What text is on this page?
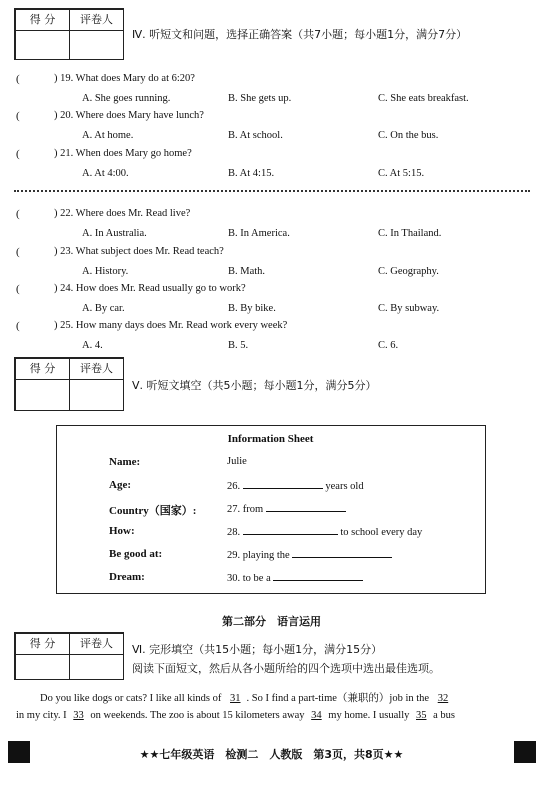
得 分	评卷人
Ⅳ. 听短文和问题，选择正确答案（共7小题；每小题1分，满分7分）
(	) 19. What does Mary do at 6:20?
A. She goes running.	B. She gets up.	C. She eats breakfast.
(	) 20. Where does Mary have lunch?
A. At home.	B. At school.	C. On the bus.
(	) 21. When does Mary go home?
A. At 4:00.	B. At 4:15.	C. At 5:15.
(	) 22. Where does Mr. Read live?
A. In Australia.	B. In America.	C. In Thailand.
(	) 23. What subject does Mr. Read teach?
A. History.	B. Math.	C. Geography.
(	) 24. How does Mr. Read usually go to work?
A. By car.	B. By bike.	C. By subway.
(	) 25. How many days does Mr. Read work every week?
A. 4.	B. 5.	C. 6.
得 分	评卷人
Ⅴ. 听短文填空（共5小题；每小题1分，满分5分）
Information Sheet
Name:	Julie
Age:	26.	years old
Country（国家）:	27. from
How:	28.	to school every day
Be good at:	29. playing the
Dream:	30. to be a
第二部分　语言运用
得 分	评卷人	Ⅵ. 完形填空（共15小题；每小题1分，满分15分）
阅读下面短文，然后从各小题所给的四个选项中选出最佳选项。
Do you like dogs or cats? I like all kinds of 31 . So I find a part-time（兼职的）job in the 32
in my city. I 33 on weekends. The zoo is about 15 kilometers away 34 my home. I usually 35 a bus
★★七年级英语　检测二　人教版　第3页，共8页★★
